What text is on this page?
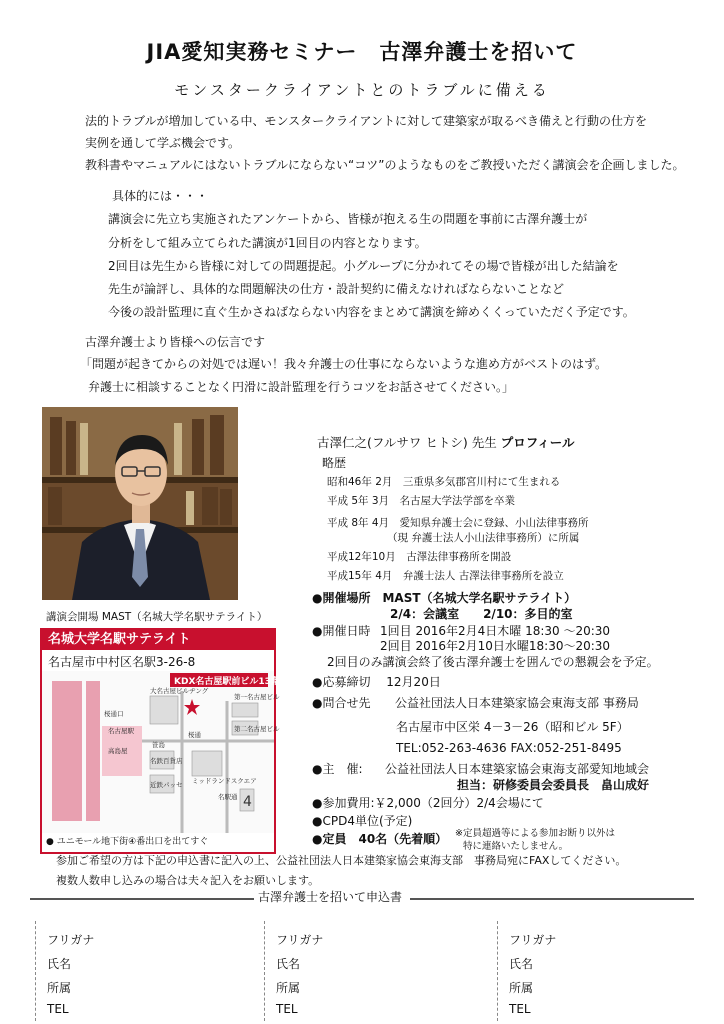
JIA愛知実務セミナー　古澤弁護士を招いて
モンスタークライアントとのトラブルに備える
法的トラブルが増加している中、モンスタークライアントに対して建築家が取るべき備えと行動の仕方を
実例を通して学ぶ機会です。
教科書やマニュアルにはないトラブルにならない“コツ”のようなものをご教授いただく講演会を企画しました。
具体的には・・・
講演会に先立ち実施されたアンケートから、皆様が抱える生の問題を事前に古澤弁護士が
分析をして組み立てられた講演が1回目の内容となります。
2回目は先生から皆様に対しての問題提起。小グループに分かれてその場で皆様が出した結論を
先生が論評し、具体的な問題解決の仕方・設計契約に備えなければならないことなど
今後の設計監理に直ぐ生かさねばならない内容をまとめて講演を締めくくっていただく予定です。
古澤弁護士より皆様への伝言です
「問題が起きてからの対処では遅い！我々弁護士の仕事にならないような進め方がベストのはず。
弁護士に相談することなく円滑に設計監理を行うコツをお話させてください。」
古澤仁之(フルサワ ヒトシ) 先生 プロフィール
略歴
昭和46年 2月　三重県多気郡宮川村にて生まれる
平成 5年 3月　名古屋大学法学部を卒業
平成 8年 4月　愛知県弁護士会に登録、小山法律事務所
（現 弁護士法人小山法律事務所）に所属
平成12年10月　古澤法律事務所を開設
平成15年 4月　弁護士法人 古澤法律事務所を設立
講演会開場 MAST（名城大学名駅サテライト）
名城大学名駅サテライト
名古屋市中村区名駅3-26-8
KDX名古屋駅前ビル13階
名古屋駅
高島屋
桜通口
大名古屋ビルヂング
桜通
笹島
ミッドランドスクエア
名鉄百貨店
近鉄パッセ
名駅通
第一名古屋ビル
第二名古屋ビル
4
● ユニモール地下街④番出口を出てすぐ
●開催場所　MAST（名城大学名駅サテライト）
2/4：会議室　　2/10：多目的室
●開催日時 1回目 2016年2月4日木曜 18:30 ～20:30
2回目 2016年2月10日水曜18:30～20:30
2回目のみ講演会終了後古澤弁護士を囲んでの懇親会を予定。
●応募締切　 12月20日
●問合せ先 公益社団法人日本建築家協会東海支部 事務局
名古屋市中区栄 4－3－26（昭和ビル 5F）
TEL:052-263-4636 FAX:052-251-8495
●主　催: 公益社団法人日本建築家協会東海支部愛知地域会
担当：研修委員会委員長　畠山成好
●参加費用:￥2,000（2回分）2/4会場にて
●CPD4単位(予定)
●定員　40名（先着順） ※定員超過等による参加お断り以外は
特に連絡いたしません。
参加ご希望の方は下記の申込書に記入の上、公益社団法人日本建築家協会東海支部　事務局宛にFAXしてください。
複数人数申し込みの場合は夫々記入をお願いします。
古澤弁護士を招いて申込書
フリガナ
氏名
所属
TEL
フリガナ
氏名
所属
TEL
フリガナ
氏名
所属
TEL
